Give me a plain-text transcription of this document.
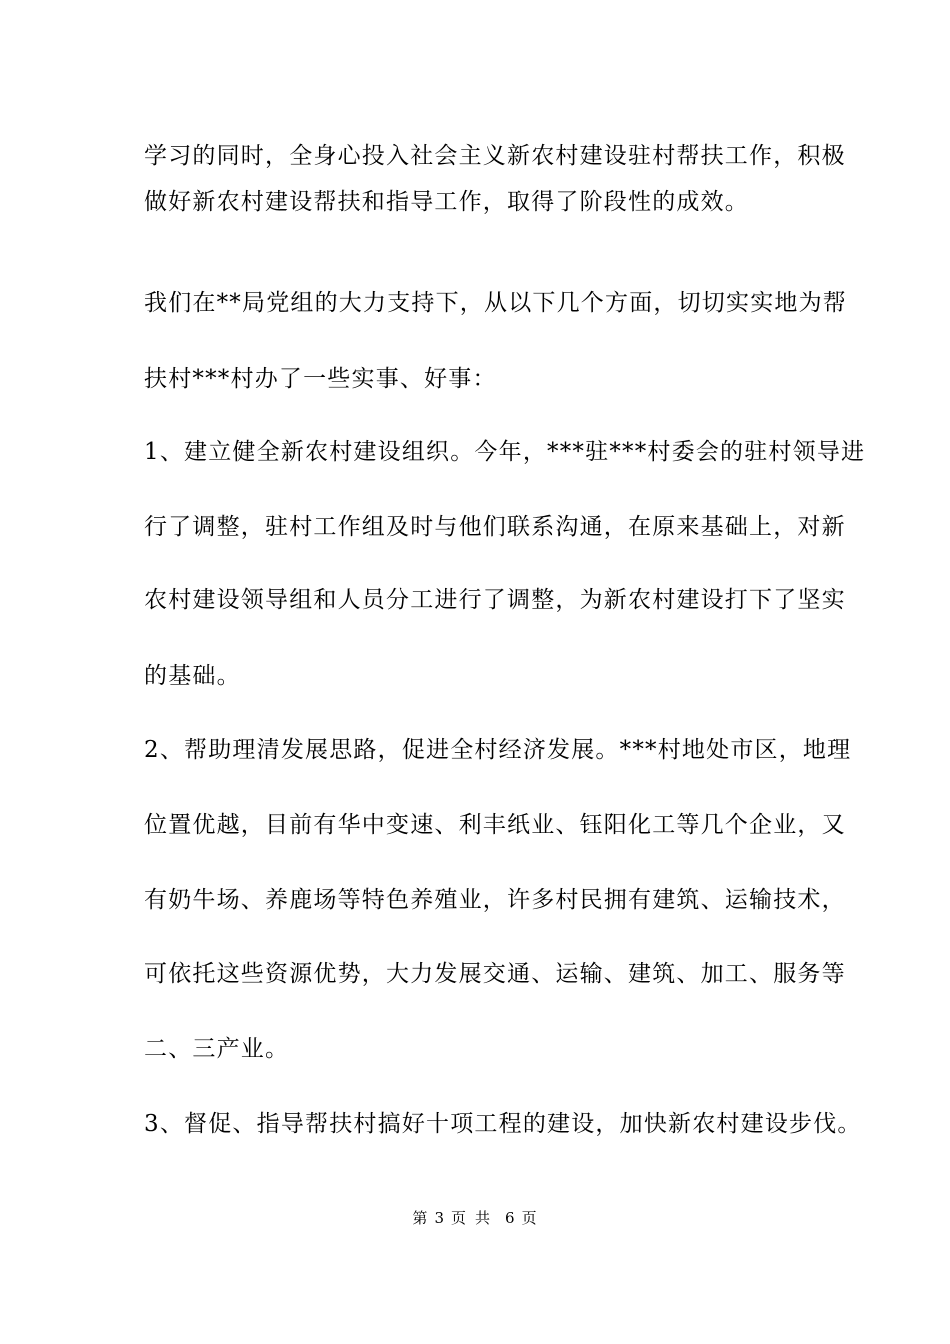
学习的同时，全身心投入社会主义新农村建设驻村帮扶工作，积极
做好新农村建设帮扶和指导工作，取得了阶段性的成效。
我们在**局党组的大力支持下，从以下几个方面，切切实实地为帮
扶村***村办了一些实事、好事：
1、建立健全新农村建设组织。今年，***驻***村委会的驻村领导进
行了调整，驻村工作组及时与他们联系沟通，在原来基础上，对新
农村建设领导组和人员分工进行了调整，为新农村建设打下了坚实
的基础。
2、帮助理清发展思路，促进全村经济发展。***村地处市区，地理
位置优越，目前有华中变速、利丰纸业、钰阳化工等几个企业，又
有奶牛场、养鹿场等特色养殖业，许多村民拥有建筑、运输技术，
可依托这些资源优势，大力发展交通、运输、建筑、加工、服务等
二、三产业。
3、督促、指导帮扶村搞好十项工程的建设，加快新农村建设步伐。
第 3 页 共 6 页
